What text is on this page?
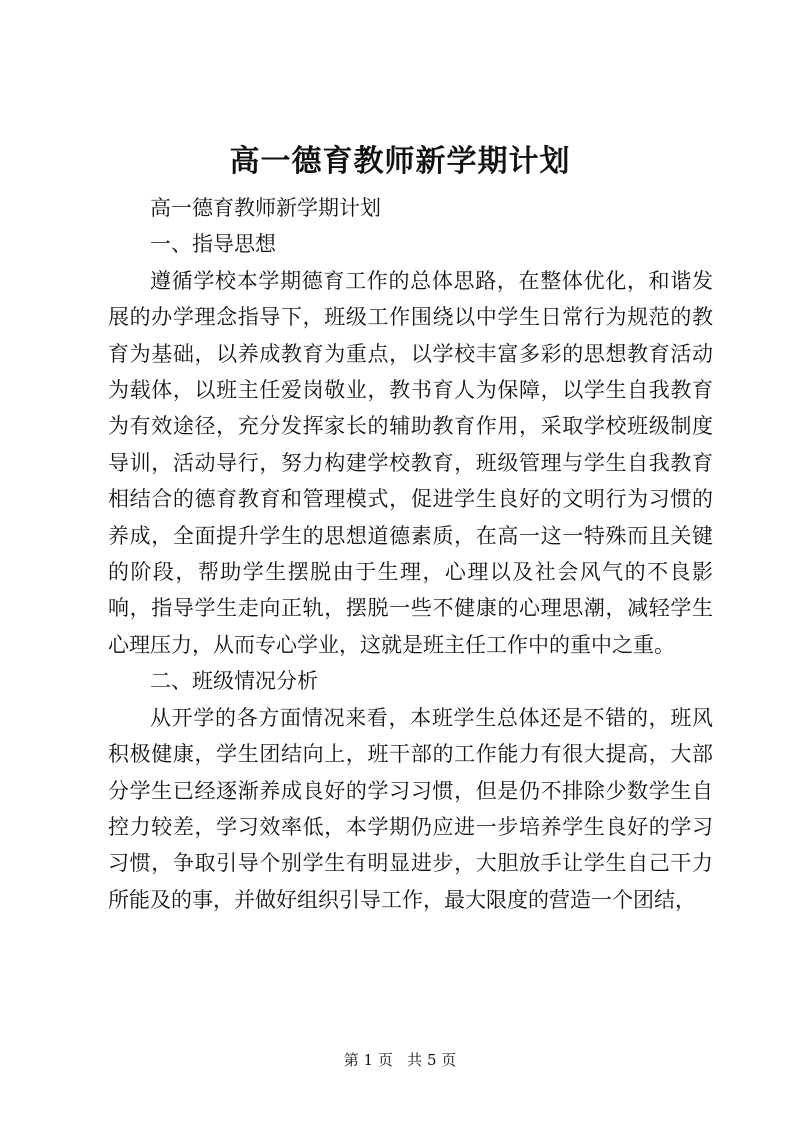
高一德育教师新学期计划

高一德育教师新学期计划

一、指导思想

遵循学校本学期德育工作的总体思路，在整体优化，和谐发展的办学理念指导下，班级工作围绕以中学生日常行为规范的教育为基础，以养成教育为重点，以学校丰富多彩的思想教育活动为载体，以班主任爱岗敬业，教书育人为保障，以学生自我教育为有效途径，充分发挥家长的辅助教育作用，采取学校班级制度导训，活动导行，努力构建学校教育，班级管理与学生自我教育相结合的德育教育和管理模式，促进学生良好的文明行为习惯的养成，全面提升学生的思想道德素质，在高一这一特殊而且关键的阶段，帮助学生摆脱由于生理，心理以及社会风气的不良影响，指导学生走向正轨，摆脱一些不健康的心理思潮，减轻学生心理压力，从而专心学业，这就是班主任工作中的重中之重。

二、班级情况分析

从开学的各方面情况来看，本班学生总体还是不错的，班风积极健康，学生团结向上，班干部的工作能力有很大提高，大部分学生已经逐渐养成良好的学习习惯，但是仍不排除少数学生自控力较差，学习效率低，本学期仍应进一步培养学生良好的学习习惯，争取引导个别学生有明显进步，大胆放手让学生自己干力所能及的事，并做好组织引导工作，最大限度的营造一个团结，

第 1 页 共 5 页
